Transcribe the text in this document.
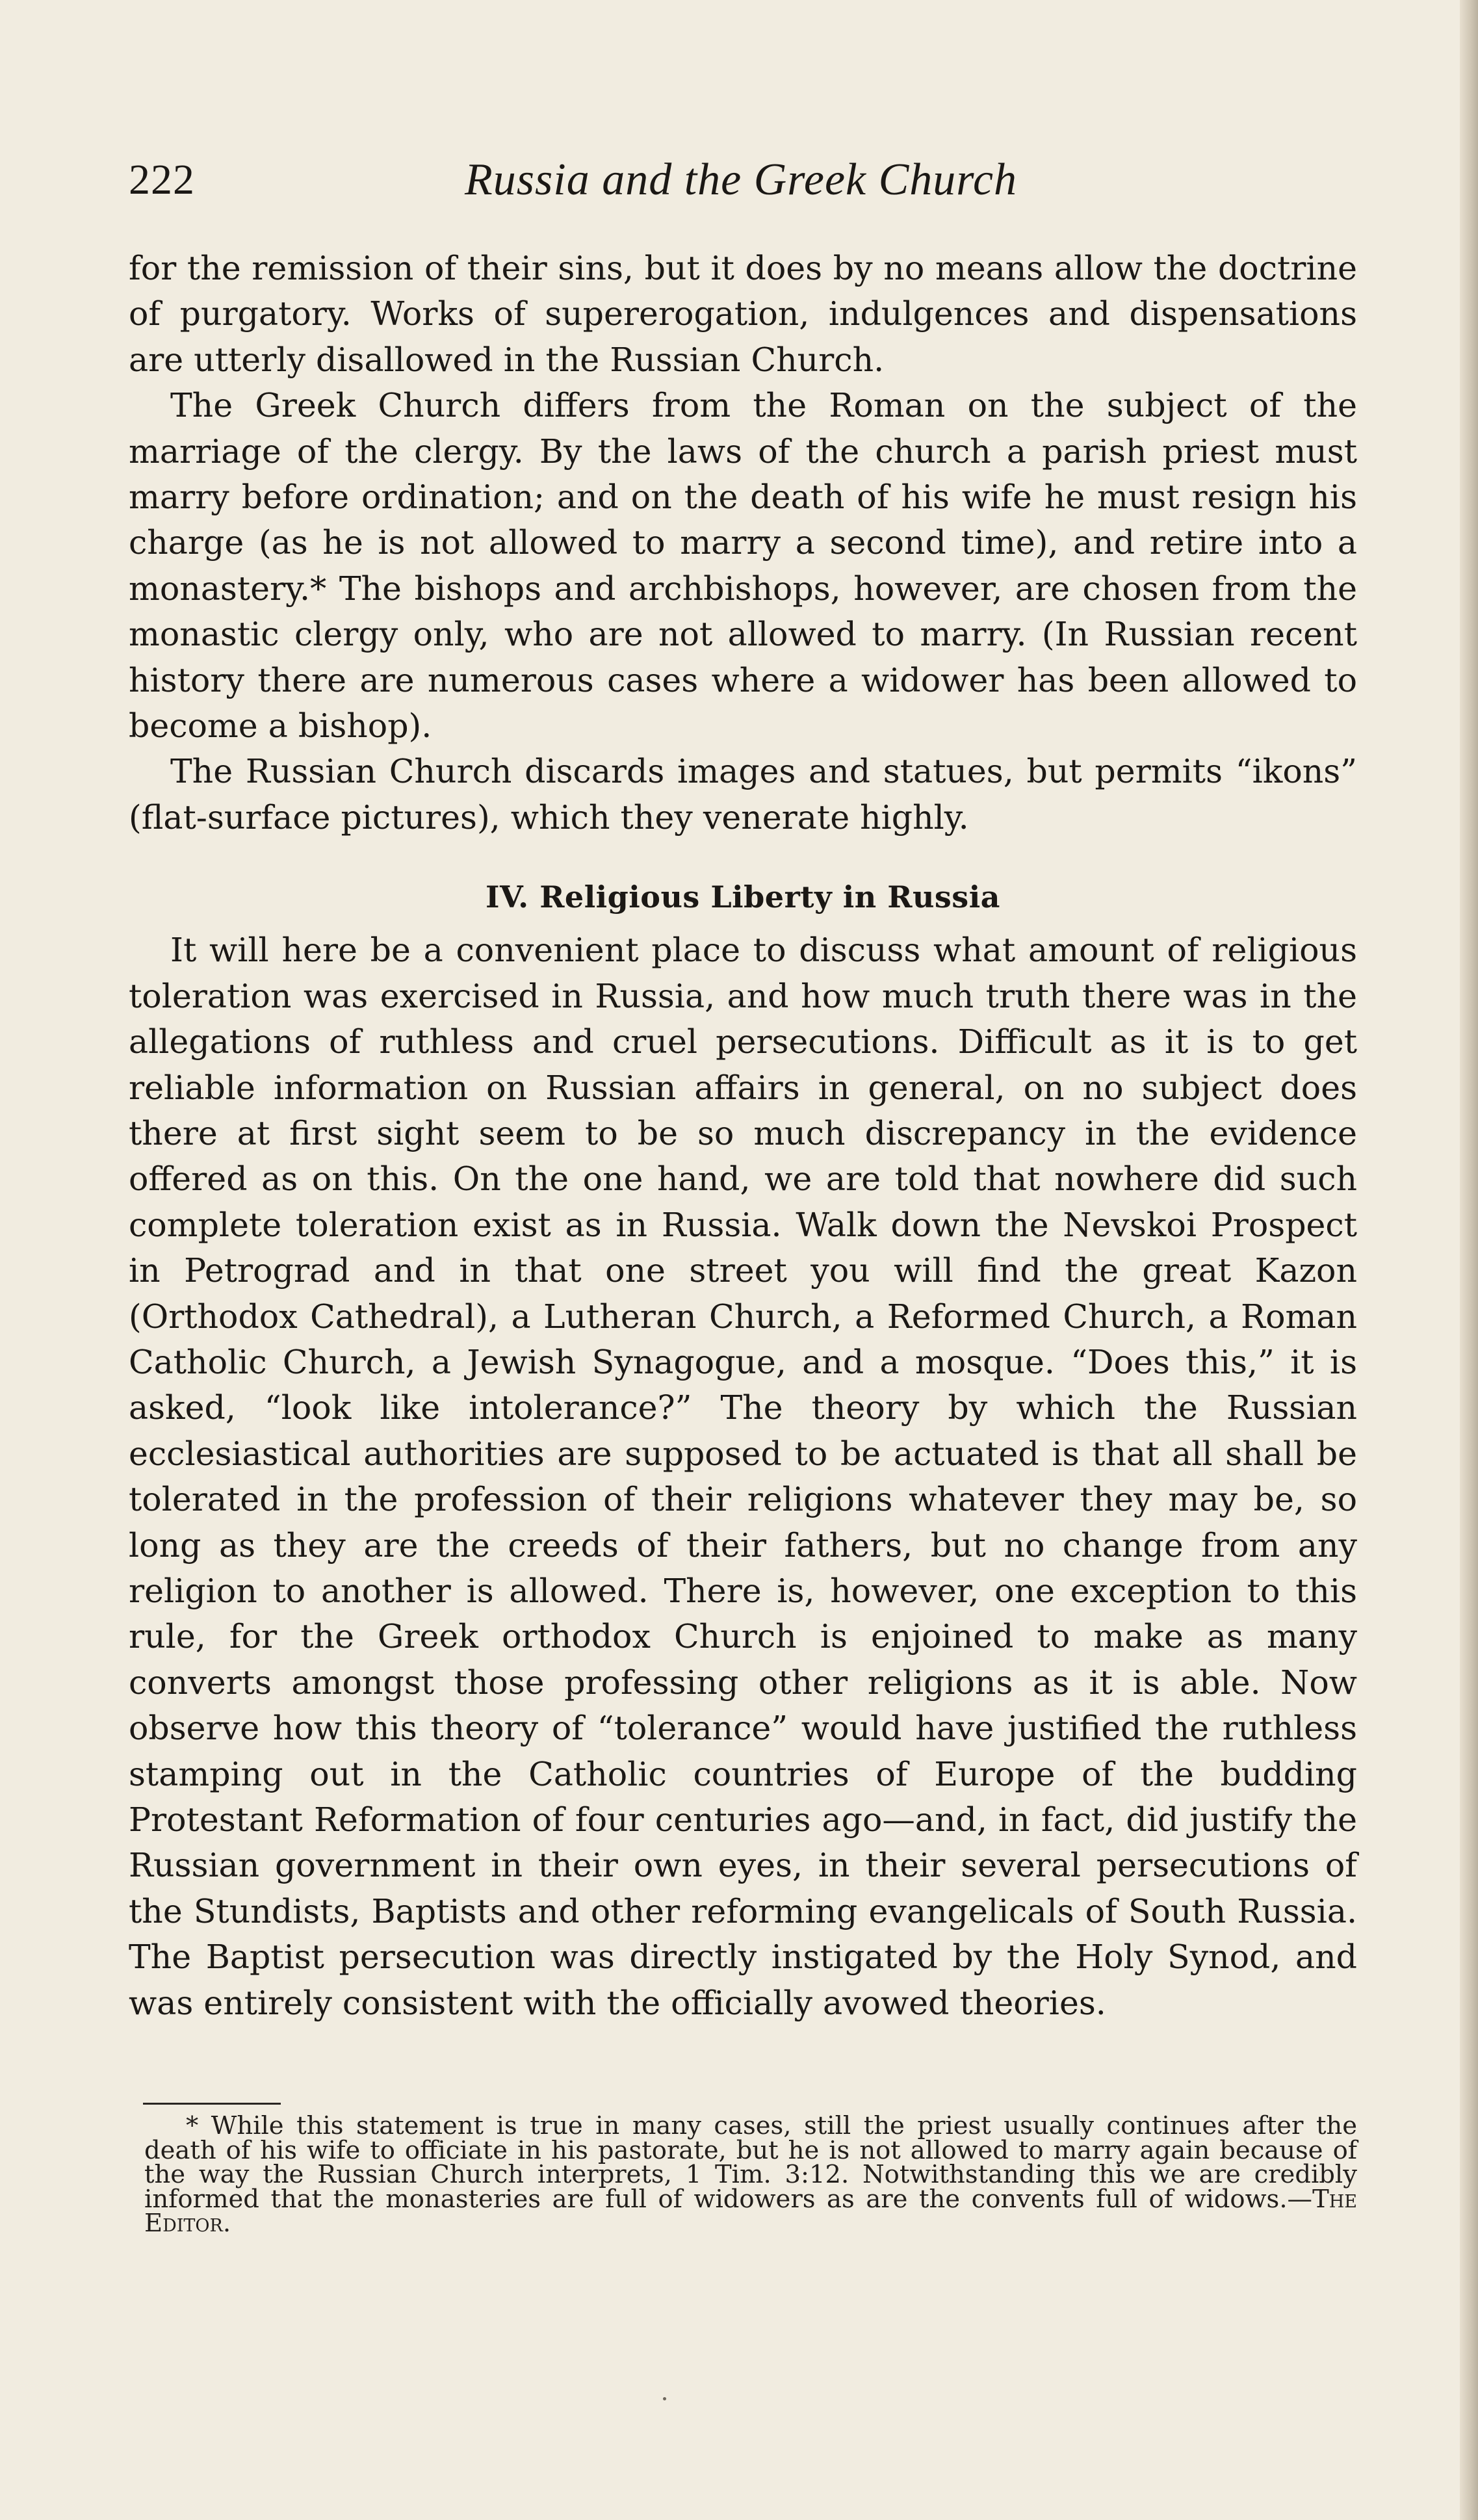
222	Russia and the Greek Church

for the remission of their sins, but it does by no means allow the doctrine of purgatory. Works of supererogation, indulgences and dispensations are utterly disallowed in the Russian Church.

The Greek Church differs from the Roman on the subject of the marriage of the clergy. By the laws of the church a parish priest must marry before ordination; and on the death of his wife he must resign his charge (as he is not allowed to marry a second time), and retire into a monastery.* The bishops and archbishops, however, are chosen from the monastic clergy only, who are not allowed to marry. (In Russian recent history there are numerous cases where a widower has been allowed to become a bishop).

The Russian Church discards images and statues, but permits “ikons” (flat-surface pictures), which they venerate highly.

IV. Religious Liberty in Russia

It will here be a convenient place to discuss what amount of religious toleration was exercised in Russia, and how much truth there was in the allegations of ruthless and cruel persecutions. Difficult as it is to get reliable information on Russian affairs in general, on no subject does there at first sight seem to be so much discrepancy in the evidence offered as on this. On the one hand, we are told that nowhere did such complete toleration exist as in Russia. Walk down the Nevskoi Prospect in Petrograd and in that one street you will find the great Kazon (Orthodox Cathedral), a Lutheran Church, a Reformed Church, a Roman Catholic Church, a Jewish Synagogue, and a mosque. “Does this,” it is asked, “look like intolerance?” The theory by which the Russian ecclesiastical authorities are supposed to be actuated is that all shall be tolerated in the profession of their religions whatever they may be, so long as they are the creeds of their fathers, but no change from any religion to another is allowed. There is, however, one exception to this rule, for the Greek orthodox Church is enjoined to make as many converts amongst those professing other religions as it is able. Now observe how this theory of “tolerance” would have justified the ruthless stamping out in the Catholic countries of Europe of the budding Protestant Reformation of four centuries ago—and, in fact, did justify the Russian government in their own eyes, in their several persecutions of the Stundists, Baptists and other reforming evangelicals of South Russia. The Baptist persecution was directly instigated by the Holy Synod, and was entirely consistent with the officially avowed theories.

* While this statement is true in many cases, still the priest usually continues after the death of his wife to officiate in his pastorate, but he is not allowed to marry again because of the way the Russian Church interprets, 1 Tim. 3:12. Notwithstanding this we are credibly informed that the monasteries are full of widowers as are the convents full of widows.—The Editor.
